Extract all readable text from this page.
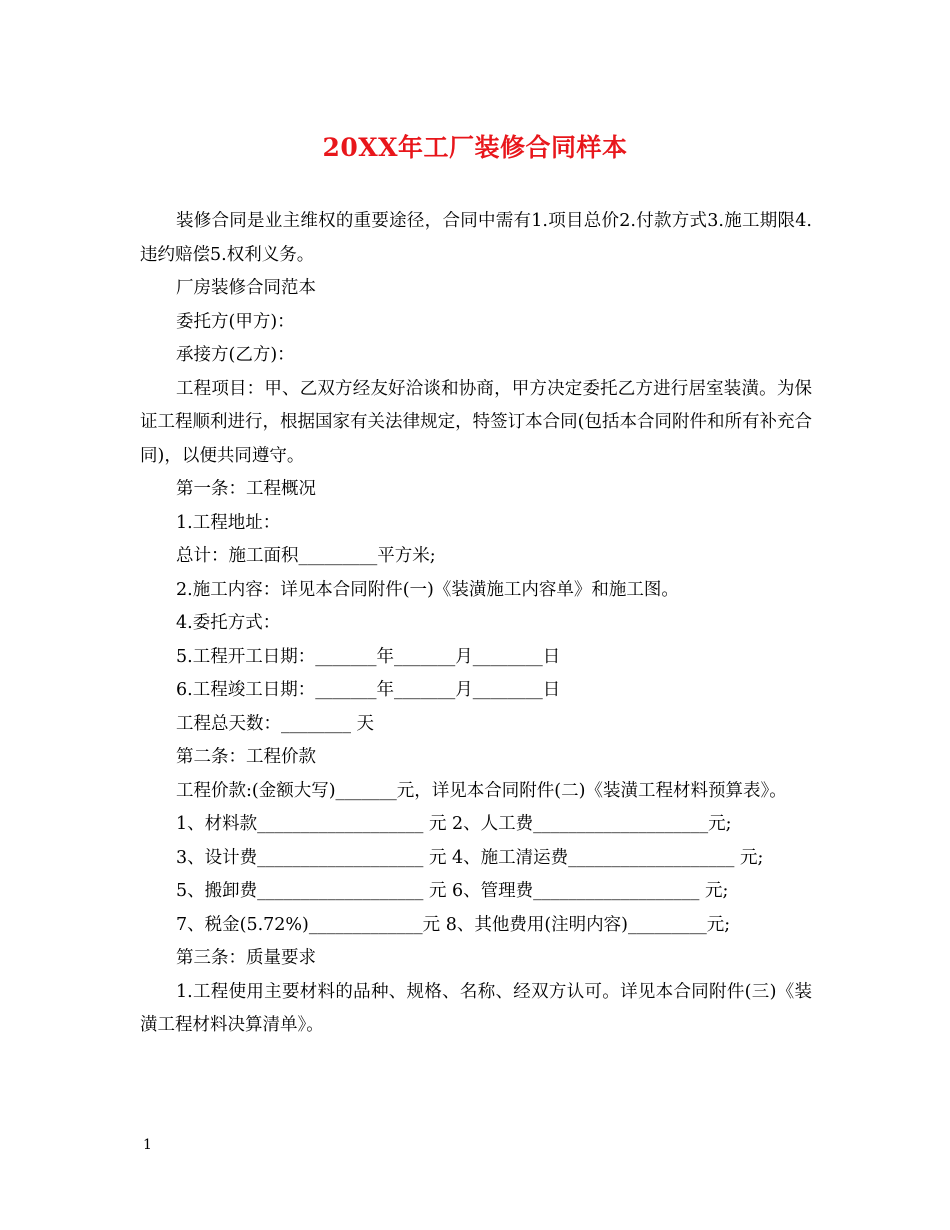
20XX年工厂装修合同样本

装修合同是业主维权的重要途径，合同中需有1.项目总价2.付款方式3.施工期限4.违约赔偿5.权利义务。

厂房装修合同范本

委托方(甲方)：

承接方(乙方)：

工程项目：甲、乙双方经友好洽谈和协商，甲方决定委托乙方进行居室装潢。为保证工程顺利进行，根据国家有关法律规定，特签订本合同(包括本合同附件和所有补充合同)，以便共同遵守。

第一条：工程概况

1.工程地址：

总计：施工面积_________平方米;

2.施工内容：详见本合同附件(一)《装潢施工内容单》和施工图。

4.委托方式：

5.工程开工日期：_______年_______月________日

6.工程竣工日期：_______年_______月________日

工程总天数：________ 天

第二条：工程价款

工程价款:(金额大写)_______元，详见本合同附件(二)《装潢工程材料预算表》。

1、材料款___________________ 元 2、人工费____________________元;

3、设计费___________________ 元 4、施工清运费___________________ 元;

5、搬卸费___________________ 元 6、管理费___________________ 元;

7、税金(5.72%)_____________元 8、其他费用(注明内容)_________元;

第三条：质量要求

1.工程使用主要材料的品种、规格、名称、经双方认可。详见本合同附件(三)《装潢工程材料决算清单》。

1
